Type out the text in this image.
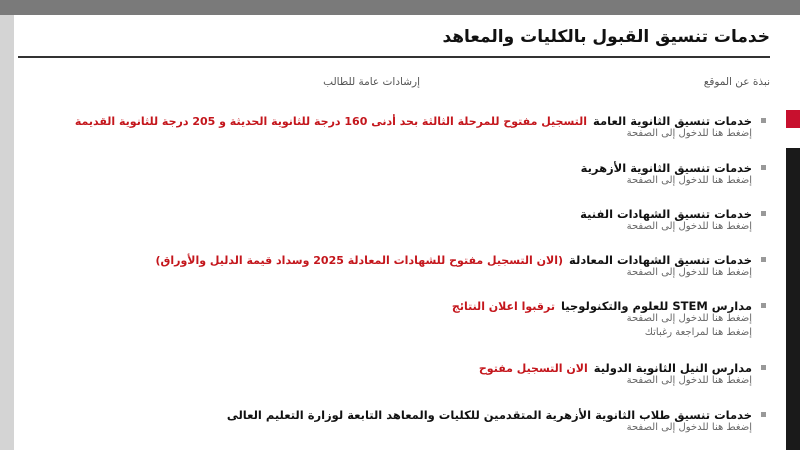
خدمات تنسيق القبول بالكليات والمعاهد
نبذة عن الموقع
إرشادات عامة للطالب
خدمات تنسيق الثانوية العامةالتسجيل مفتوح للمرحلة الثالثة بحد أدنى 160 درجة للثانوية الحديثة و 205 درجة للثانوية القديمة
إضغط هنا للدخول إلى الصفحة
خدمات تنسيق الثانوية الأزهرية
إضغط هنا للدخول إلى الصفحة
خدمات تنسيق الشهادات الفنية
إضغط هنا للدخول إلى الصفحة
خدمات تنسيق الشهادات المعادلة(الان التسجيل مفتوح للشهادات المعادلة 2025 وسداد قيمة الدليل والأوراق)
إضغط هنا للدخول إلى الصفحة
مدارس STEM للعلوم والتكنولوجياترقبوا اعلان النتائج
إضغط هنا للدخول إلى الصفحة
إضغط هنا لمراجعة رغباتك
مدارس النيل الثانوية الدوليةالان التسجيل مفتوح
إضغط هنا للدخول إلى الصفحة
خدمات تنسيق طلاب الثانوية الأزهرية المتقدمين للكليات والمعاهد التابعة لوزارة التعليم العالى
إضغط هنا للدخول إلى الصفحة
